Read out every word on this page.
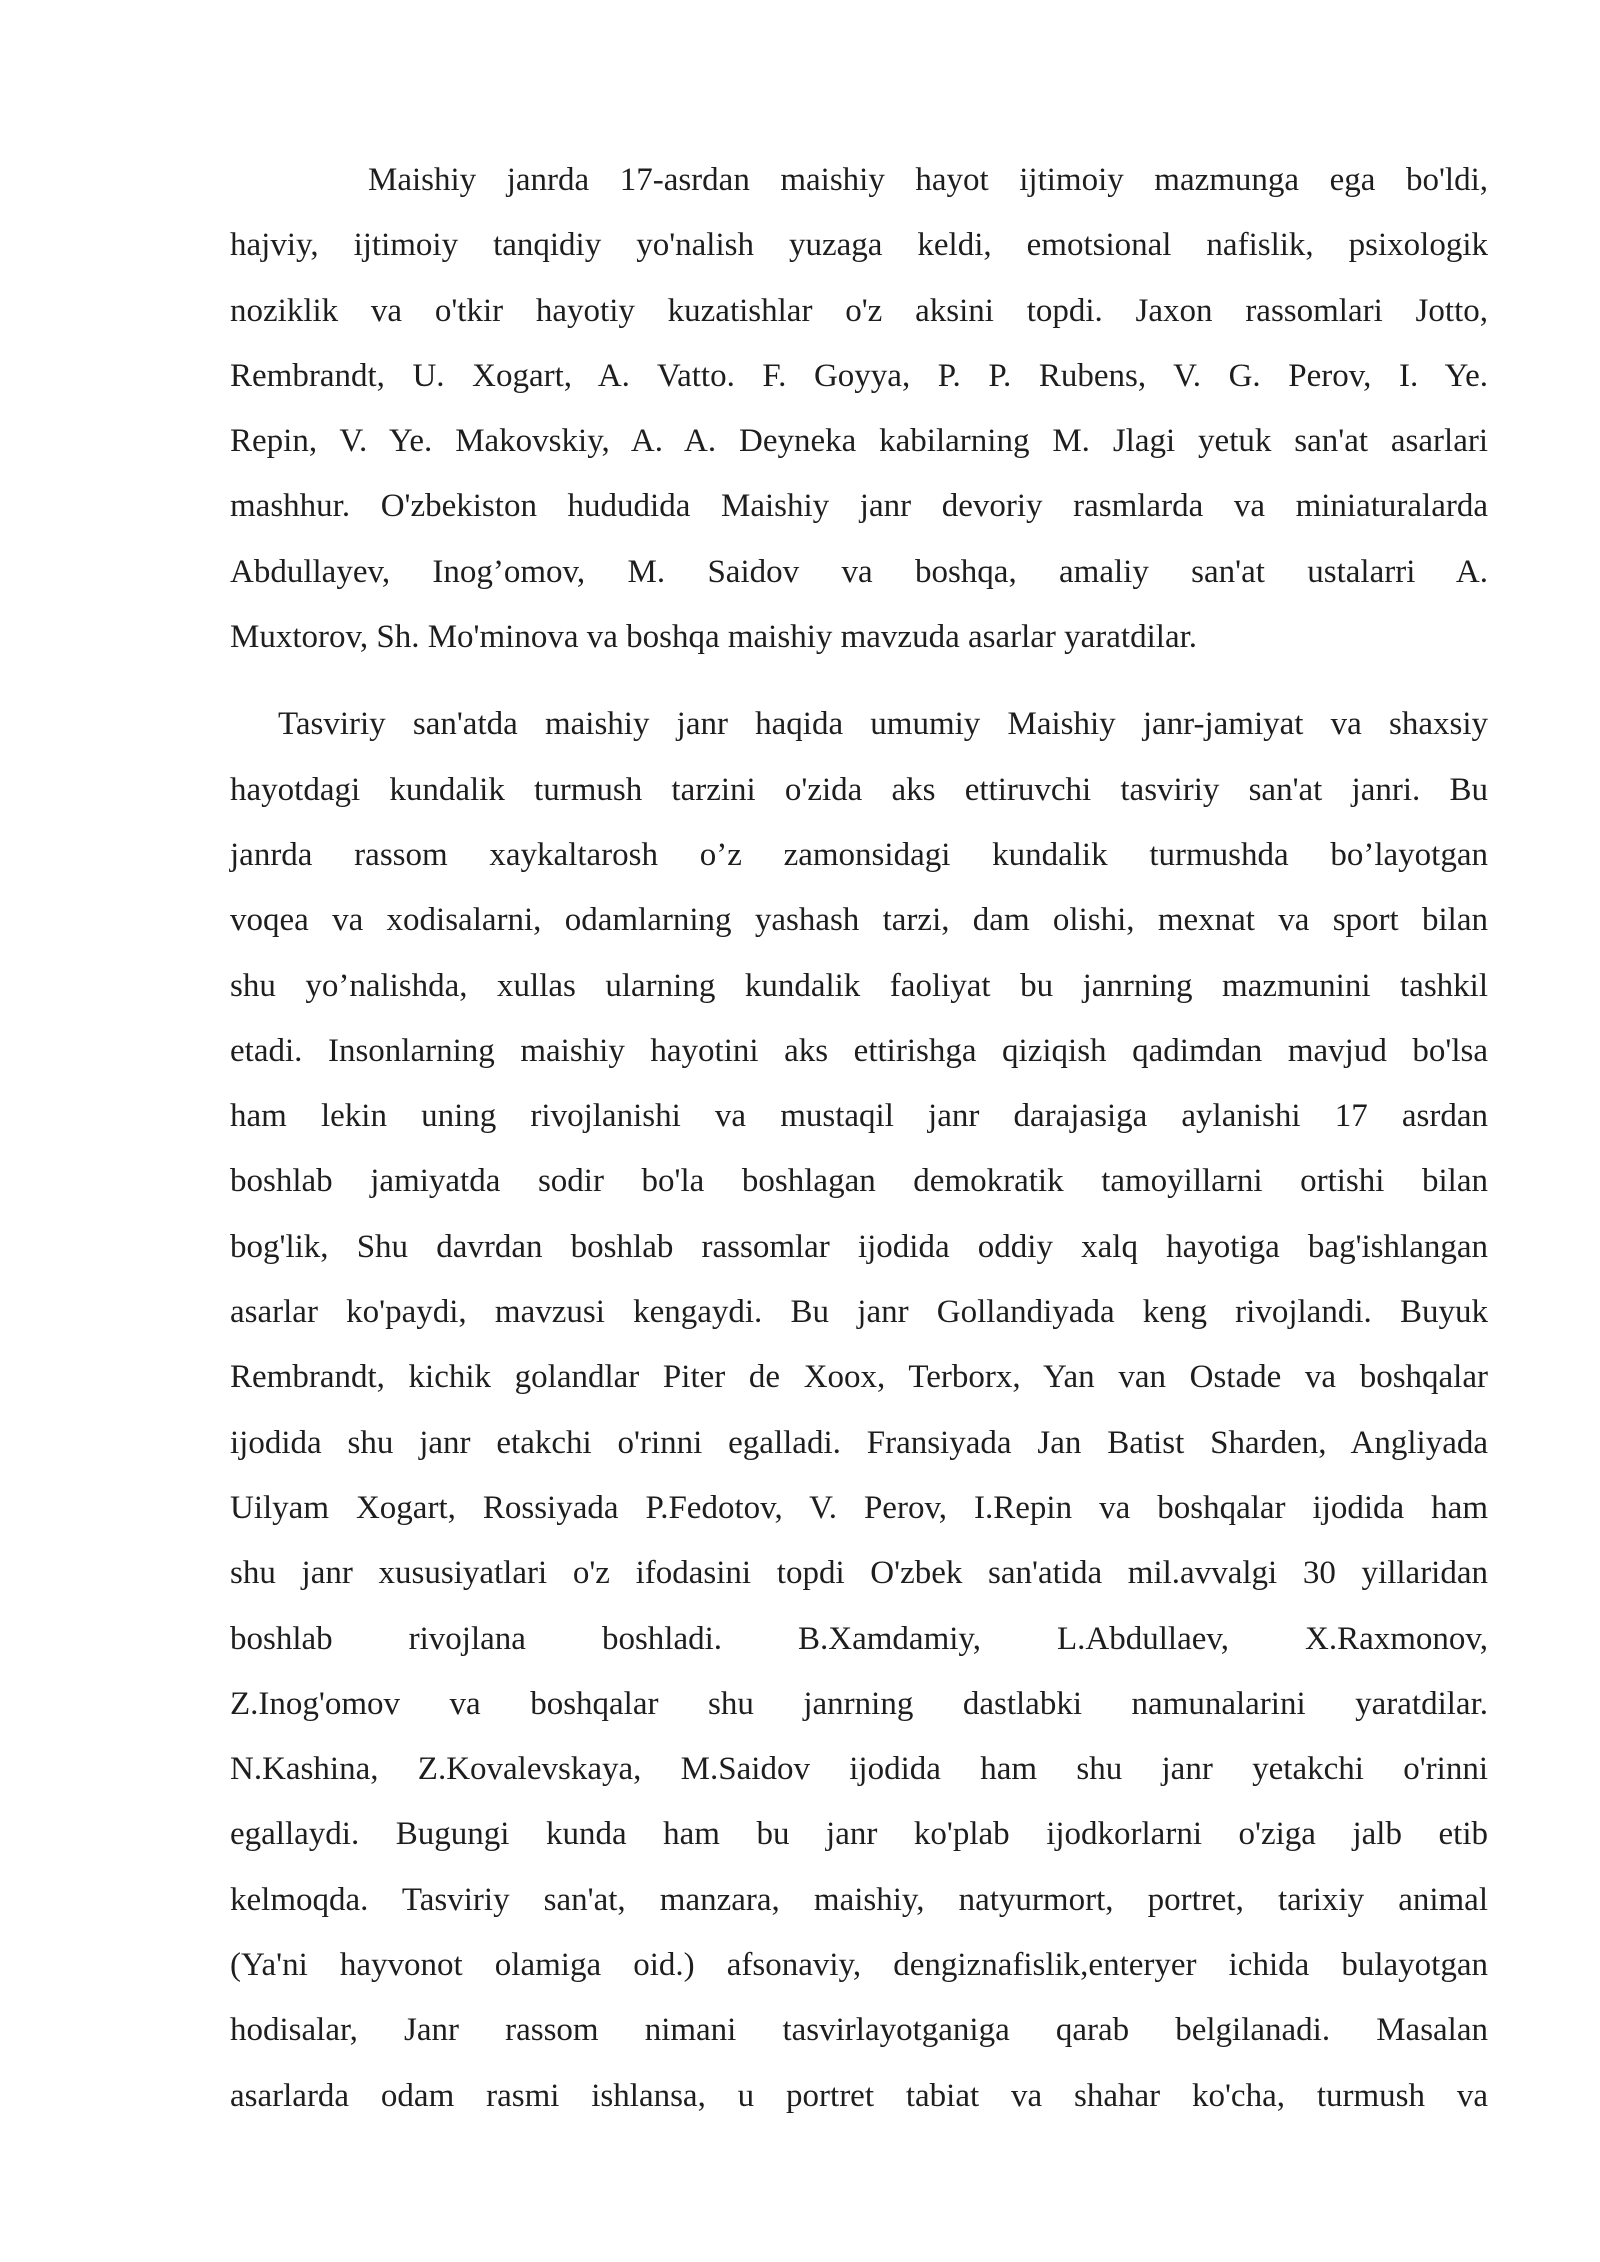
Maishiy janrda 17-asrdan maishiy hayot ijtimoiy mazmunga ega bo'ldi,
hajviy, ijtimoiy tanqidiy yo'nalish yuzaga keldi, emotsional nafislik, psixologik
noziklik va o'tkir hayotiy kuzatishlar o'z aksini topdi. Jaxon rassomlari Jotto,
Rembrandt, U. Xogart, A. Vatto. F. Goyya, P. P. Rubens, V. G. Perov, I. Ye.
Repin, V. Ye. Makovskiy, A. A. Deyneka kabilarning M. Jlagi yetuk san'at asarlari
mashhur. O'zbekiston hududida Maishiy janr devoriy rasmlarda va miniaturalarda
Abdullayev, Inog’omov, M. Saidov va boshqa, amaliy san'at ustalarri A.
Muxtorov, Sh. Mo'minova va boshqa maishiy mavzuda asarlar yaratdilar.
Tasviriy san'atda maishiy janr haqida umumiy Maishiy janr-jamiyat va shaxsiy
hayotdagi kundalik turmush tarzini o'zida aks ettiruvchi tasviriy san'at janri. Bu
janrda rassom xaykaltarosh o’z zamonsidagi kundalik turmushda bo’layotgan
voqea va xodisalarni, odamlarning yashash tarzi, dam olishi, mexnat va sport bilan
shu yo’nalishda, xullas ularning kundalik faoliyat bu janrning mazmunini tashkil
etadi. Insonlarning maishiy hayotini aks ettirishga qiziqish qadimdan mavjud bo'lsa
ham lekin uning rivojlanishi va mustaqil janr darajasiga aylanishi 17 asrdan
boshlab jamiyatda sodir bo'la boshlagan demokratik tamoyillarni ortishi bilan
bog'lik, Shu davrdan boshlab rassomlar ijodida oddiy xalq hayotiga bag'ishlangan
asarlar ko'paydi, mavzusi kengaydi. Bu janr Gollandiyada keng rivojlandi. Buyuk
Rembrandt, kichik golandlar Piter de Xoox, Terborx, Yan van Ostade va boshqalar
ijodida shu janr etakchi o'rinni egalladi. Fransiyada Jan Batist Sharden, Angliyada
Uilyam Xogart, Rossiyada P.Fedotov, V. Perov, I.Repin va boshqalar ijodida ham
shu janr xususiyatlari o'z ifodasini topdi O'zbek san'atida mil.avvalgi 30 yillaridan
boshlab rivojlana boshladi. B.Xamdamiy, L.Abdullaev, X.Raxmonov,
Z.Inog'omov va boshqalar shu janrning dastlabki namunalarini yaratdilar.
N.Kashina, Z.Kovalevskaya, M.Saidov ijodida ham shu janr yetakchi o'rinni
egallaydi. Bugungi kunda ham bu janr ko'plab ijodkorlarni o'ziga jalb etib
kelmoqda. Tasviriy san'at, manzara, maishiy, natyurmort, portret, tarixiy animal
(Ya'ni hayvonot olamiga oid.) afsonaviy, dengiznafislik,enteryer ichida bulayotgan
hodisalar, Janr rassom nimani tasvirlayotganiga qarab belgilanadi. Masalan
asarlarda odam rasmi ishlansa, u portret tabiat va shahar ko'cha, turmush va
